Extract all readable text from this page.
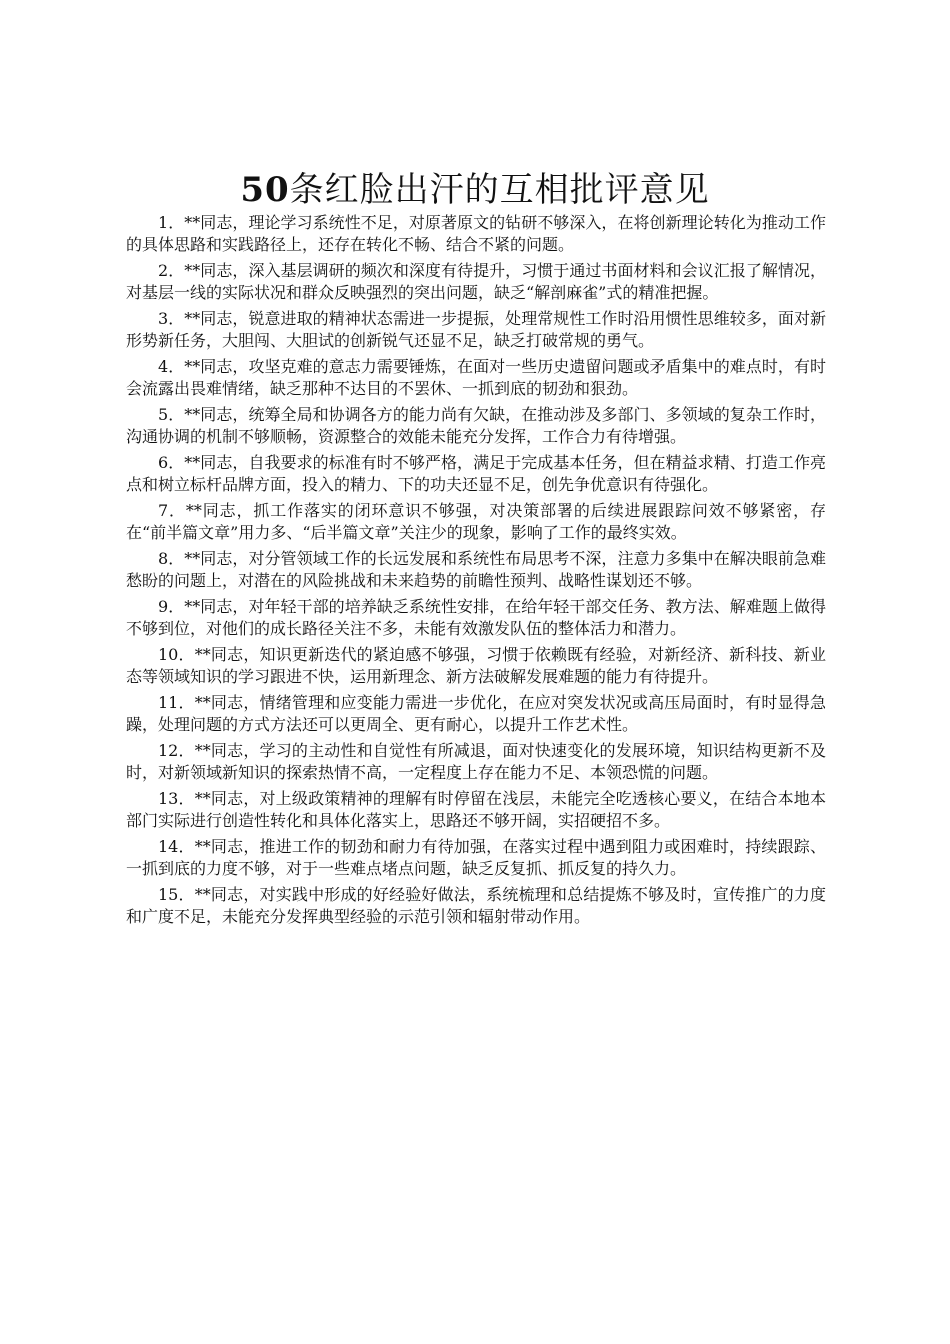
50条红脸出汗的互相批评意见

1．**同志，理论学习系统性不足，对原著原文的钻研不够深入，在将创新理论转化为推动工作的具体思路和实践路径上，还存在转化不畅、结合不紧的问题。

2．**同志，深入基层调研的频次和深度有待提升，习惯于通过书面材料和会议汇报了解情况，对基层一线的实际状况和群众反映强烈的突出问题，缺乏“解剖麻雀”式的精准把握。

3．**同志，锐意进取的精神状态需进一步提振，处理常规性工作时沿用惯性思维较多，面对新形势新任务，大胆闯、大胆试的创新锐气还显不足，缺乏打破常规的勇气。

4．**同志，攻坚克难的意志力需要锤炼，在面对一些历史遗留问题或矛盾集中的难点时，有时会流露出畏难情绪，缺乏那种不达目的不罢休、一抓到底的韧劲和狠劲。

5．**同志，统筹全局和协调各方的能力尚有欠缺，在推动涉及多部门、多领域的复杂工作时，沟通协调的机制不够顺畅，资源整合的效能未能充分发挥，工作合力有待增强。

6．**同志，自我要求的标准有时不够严格，满足于完成基本任务，但在精益求精、打造工作亮点和树立标杆品牌方面，投入的精力、下的功夫还显不足，创先争优意识有待强化。

7．**同志，抓工作落实的闭环意识不够强，对决策部署的后续进展跟踪问效不够紧密，存在“前半篇文章”用力多、“后半篇文章”关注少的现象，影响了工作的最终实效。

8．**同志，对分管领域工作的长远发展和系统性布局思考不深，注意力多集中在解决眼前急难愁盼的问题上，对潜在的风险挑战和未来趋势的前瞻性预判、战略性谋划还不够。

9．**同志，对年轻干部的培养缺乏系统性安排，在给年轻干部交任务、教方法、解难题上做得不够到位，对他们的成长路径关注不多，未能有效激发队伍的整体活力和潜力。

10．**同志，知识更新迭代的紧迫感不够强，习惯于依赖既有经验，对新经济、新科技、新业态等领域知识的学习跟进不快，运用新理念、新方法破解发展难题的能力有待提升。

11．**同志，情绪管理和应变能力需进一步优化，在应对突发状况或高压局面时，有时显得急躁，处理问题的方式方法还可以更周全、更有耐心，以提升工作艺术性。

12．**同志，学习的主动性和自觉性有所减退，面对快速变化的发展环境，知识结构更新不及时，对新领域新知识的探索热情不高，一定程度上存在能力不足、本领恐慌的问题。

13．**同志，对上级政策精神的理解有时停留在浅层，未能完全吃透核心要义，在结合本地本部门实际进行创造性转化和具体化落实上，思路还不够开阔，实招硬招不多。

14．**同志，推进工作的韧劲和耐力有待加强，在落实过程中遇到阻力或困难时，持续跟踪、一抓到底的力度不够，对于一些难点堵点问题，缺乏反复抓、抓反复的持久力。

15．**同志，对实践中形成的好经验好做法，系统梳理和总结提炼不够及时，宣传推广的力度和广度不足，未能充分发挥典型经验的示范引领和辐射带动作用。
